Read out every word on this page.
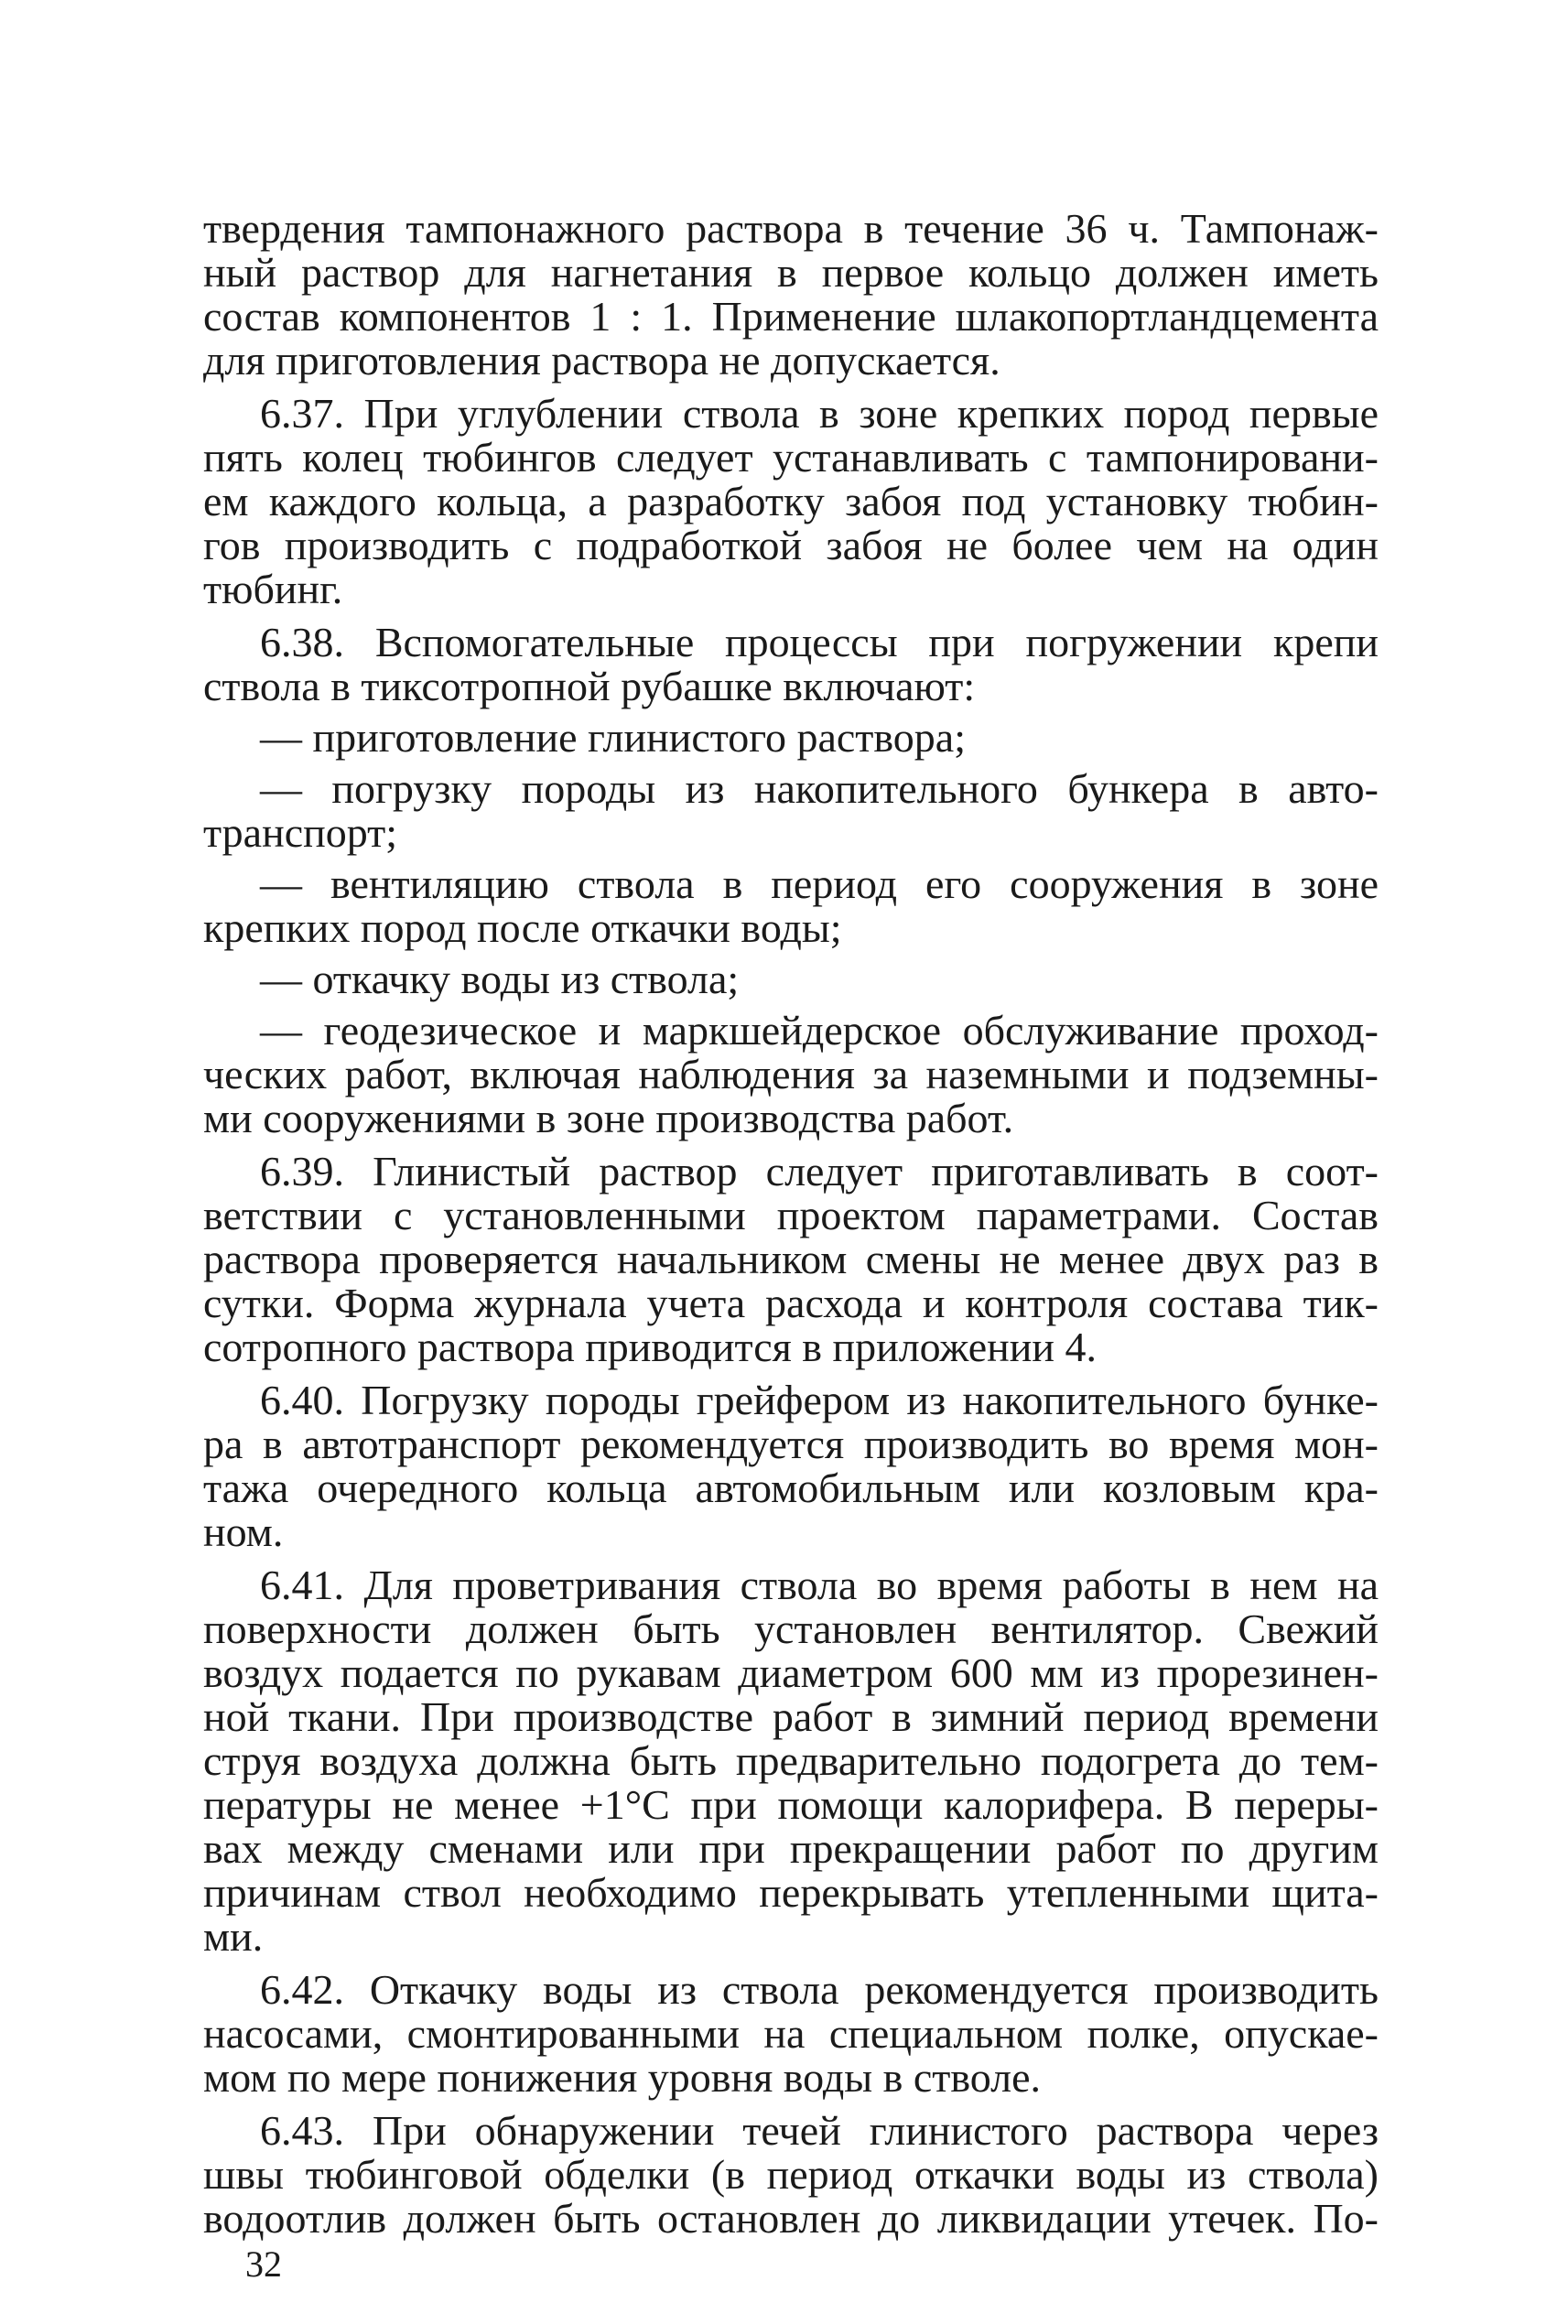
твердения тампонажного раствора в течение 36 ч. Тампонаж-
ный раствор для нагнетания в первое кольцо должен иметь
состав компонентов 1 : 1. Применение шлакопортландцемента
для приготовления раствора не допускается.
6.37. При углублении ствола в зоне крепких пород первые
пять колец тюбингов следует устанавливать с тампонировани-
ем каждого кольца, а разработку забоя под установку тюбин-
гов производить с подработкой забоя не более чем на один
тюбинг.
6.38. Вспомогательные процессы при погружении крепи
ствола в тиксотропной рубашке включают:
— приготовление глинистого раствора;
— погрузку породы из накопительного бункера в авто-
транспорт;
— вентиляцию ствола в период его сооружения в зоне
крепких пород после откачки воды;
— откачку воды из ствола;
— геодезическое и маркшейдерское обслуживание проход-
ческих работ, включая наблюдения за наземными и подземны-
ми сооружениями в зоне производства работ.
6.39. Глинистый раствор следует приготавливать в соот-
ветствии с установленными проектом параметрами. Состав
раствора проверяется начальником смены не менее двух раз в
сутки. Форма журнала учета расхода и контроля состава тик-
сотропного раствора приводится в приложении 4.
6.40. Погрузку породы грейфером из накопительного бунке-
ра в автотранспорт рекомендуется производить во время мон-
тажа очередного кольца автомобильным или козловым кра-
ном.
6.41. Для проветривания ствола во время работы в нем на
поверхности должен быть установлен вентилятор. Свежий
воздух подается по рукавам диаметром 600 мм из прорезинен-
ной ткани. При производстве работ в зимний период времени
струя воздуха должна быть предварительно подогрета до тем-
пературы не менее +1°С при помощи калорифера. В переры-
вах между сменами или при прекращении работ по другим
причинам ствол необходимо перекрывать утепленными щита-
ми.
6.42. Откачку воды из ствола рекомендуется производить
насосами, смонтированными на специальном полке, опускае-
мом по мере понижения уровня воды в стволе.
6.43. При обнаружении течей глинистого раствора через
швы тюбинговой обделки (в период откачки воды из ствола)
водоотлив должен быть остановлен до ликвидации утечек. По-
32
